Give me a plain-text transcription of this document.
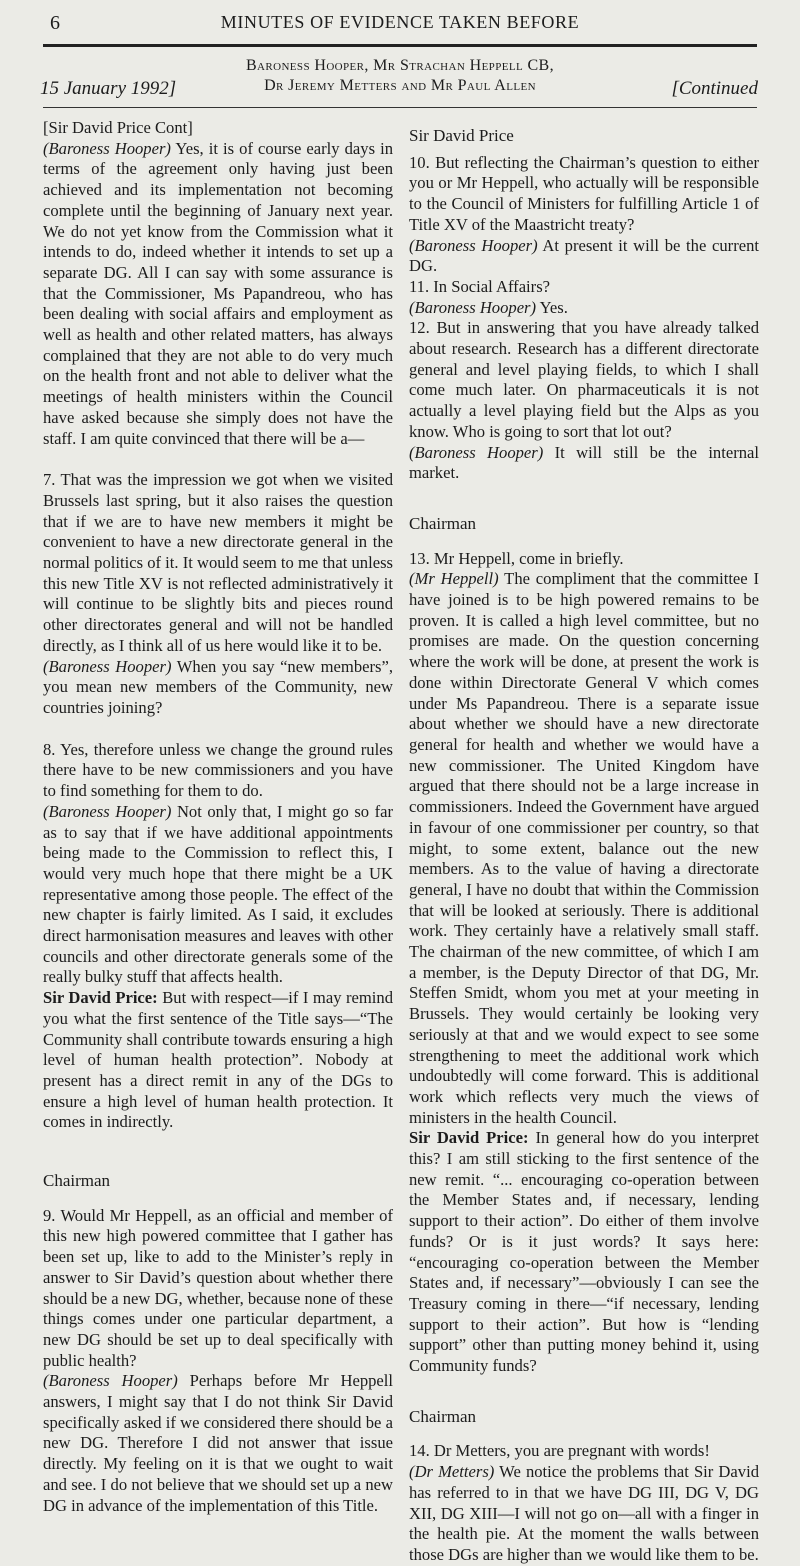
6	MINUTES OF EVIDENCE TAKEN BEFORE
15 January 1992]
Baroness Hooper, Mr Strachan Heppell CB,
Dr Jeremy Metters and Mr Paul Allen	[Continued

[Sir David Price Cont]

(Baroness Hooper) Yes, it is of course early days in terms of the agreement only having just been achieved and its implementation not becoming complete until the beginning of January next year. We do not yet know from the Commission what it intends to do, indeed whether it intends to set up a separate DG. All I can say with some assurance is that the Commissioner, Ms Papandreou, who has been dealing with social affairs and employment as well as health and other related matters, has always complained that they are not able to do very much on the health front and not able to deliver what the meetings of health ministers within the Council have asked because she simply does not have the staff. I am quite convinced that there will be a—

7. That was the impression we got when we visited Brussels last spring, but it also raises the question that if we are to have new members it might be convenient to have a new directorate general in the normal politics of it. It would seem to me that unless this new Title XV is not reflected administratively it will continue to be slightly bits and pieces round other directorates general and will not be handled directly, as I think all of us here would like it to be.

(Baroness Hooper) When you say “new members”, you mean new members of the Community, new countries joining?

8. Yes, therefore unless we change the ground rules there have to be new commissioners and you have to find something for them to do.

(Baroness Hooper) Not only that, I might go so far as to say that if we have additional appointments being made to the Commission to reflect this, I would very much hope that there might be a UK representative among those people. The effect of the new chapter is fairly limited. As I said, it excludes direct harmonisation measures and leaves with other councils and other directorate generals some of the really bulky stuff that affects health.

Sir David Price: But with respect—if I may remind you what the first sentence of the Title says—“The Community shall contribute towards ensuring a high level of human health protection”. Nobody at present has a direct remit in any of the DGs to ensure a high level of human health protection. It comes in indirectly.

Chairman

9. Would Mr Heppell, as an official and member of this new high powered committee that I gather has been set up, like to add to the Minister’s reply in answer to Sir David’s question about whether there should be a new DG, whether, because none of these things comes under one particular department, a new DG should be set up to deal specifically with public health?

(Baroness Hooper) Perhaps before Mr Heppell answers, I might say that I do not think Sir David specifically asked if we considered there should be a new DG. Therefore I did not answer that issue directly. My feeling on it is that we ought to wait and see. I do not believe that we should set up a new DG in advance of the implementation of this Title.

Sir David Price

10. But reflecting the Chairman’s question to either you or Mr Heppell, who actually will be responsible to the Council of Ministers for fulfilling Article 1 of Title XV of the Maastricht treaty?

(Baroness Hooper) At present it will be the current DG.

11. In Social Affairs?

(Baroness Hooper) Yes.

12. But in answering that you have already talked about research. Research has a different directorate general and level playing fields, to which I shall come much later. On pharmaceuticals it is not actually a level playing field but the Alps as you know. Who is going to sort that lot out?

(Baroness Hooper) It will still be the internal market.

Chairman

13. Mr Heppell, come in briefly.

(Mr Heppell) The compliment that the committee I have joined is to be high powered remains to be proven. It is called a high level committee, but no promises are made. On the question concerning where the work will be done, at present the work is done within Directorate General V which comes under Ms Papandreou. There is a separate issue about whether we should have a new directorate general for health and whether we would have a new commissioner. The United Kingdom have argued that there should not be a large increase in commissioners. Indeed the Government have argued in favour of one commissioner per country, so that might, to some extent, balance out the new members. As to the value of having a directorate general, I have no doubt that within the Commission that will be looked at seriously. There is additional work. They certainly have a relatively small staff. The chairman of the new committee, of which I am a member, is the Deputy Director of that DG, Mr. Steffen Smidt, whom you met at your meeting in Brussels. They would certainly be looking very seriously at that and we would expect to see some strengthening to meet the additional work which undoubtedly will come forward. This is additional work which reflects very much the views of ministers in the health Council.

Sir David Price: In general how do you interpret this? I am still sticking to the first sentence of the new remit. “... encouraging co-operation between the Member States and, if necessary, lending support to their action”. Do either of them involve funds? Or is it just words? It says here: “encouraging co-operation between the Member States and, if necessary”—obviously I can see the Treasury coming in there—“if necessary, lending support to their action”. But how is “lending support” other than putting money behind it, using Community funds?

Chairman

14. Dr Metters, you are pregnant with words!

(Dr Metters) We notice the problems that Sir David has referred to in that we have DG III, DG V, DG XII, DG XIII—I will not go on—all with a finger in the health pie. At the moment the walls between those DGs are higher than we would like them to be.
